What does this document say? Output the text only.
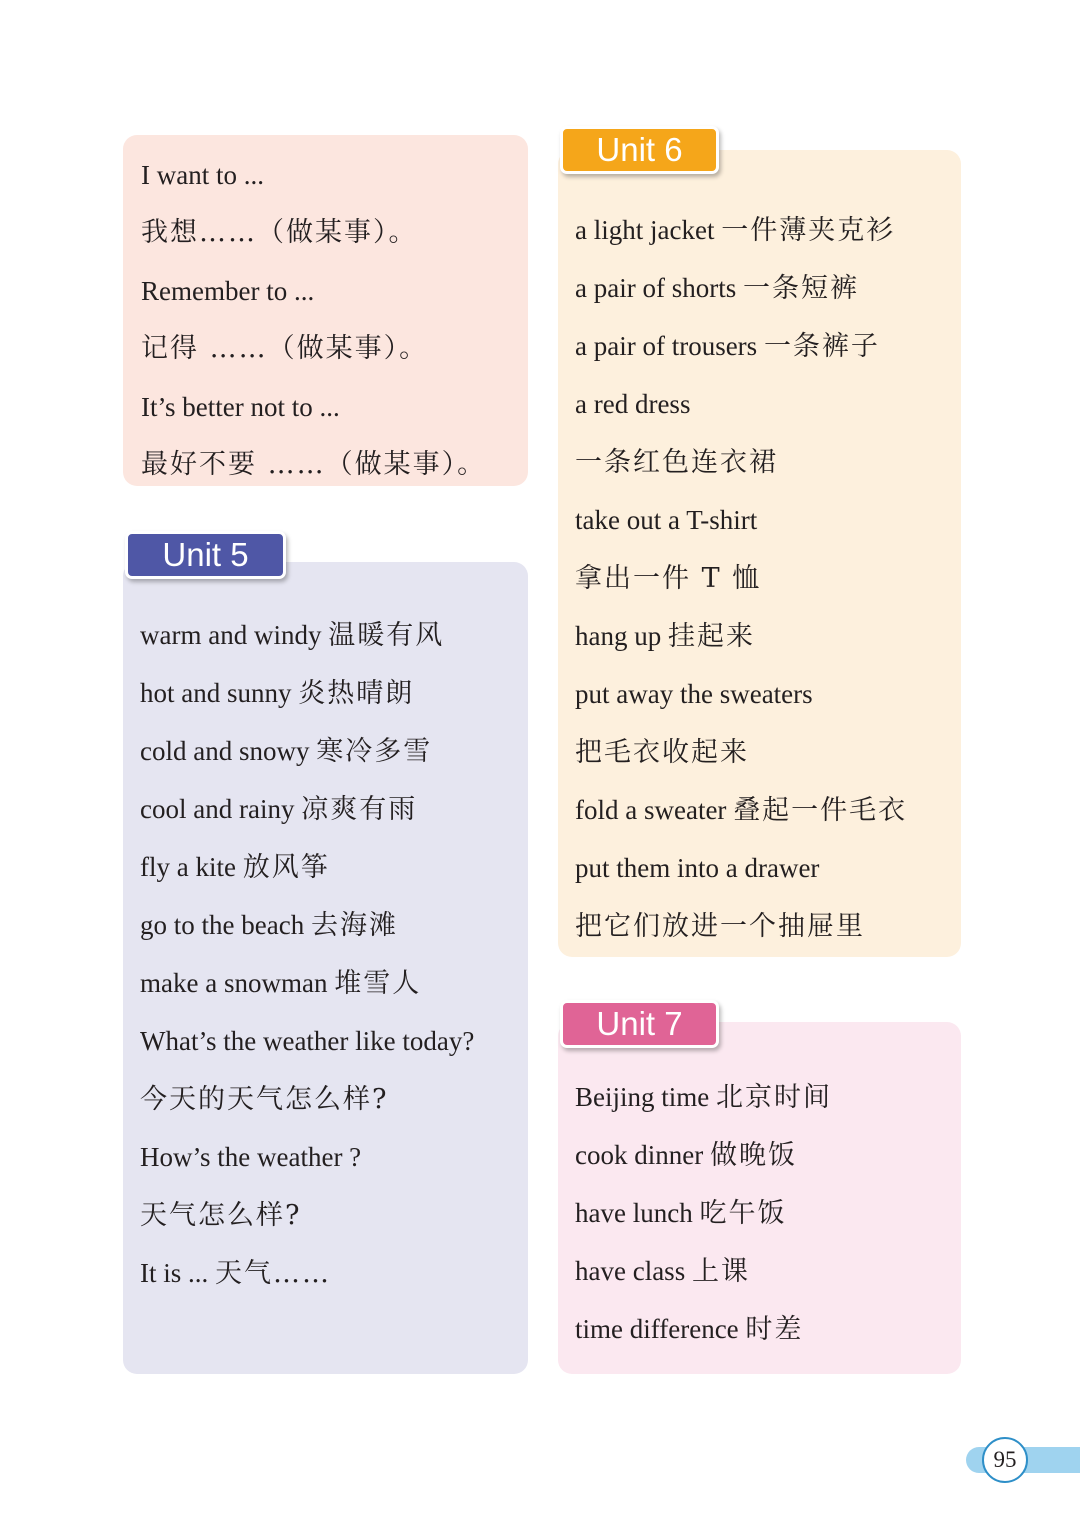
I want to ...
我想……（做某事）。
Remember to ...
记得 ……（做某事）。
It’s better not to ...
最好不要 ……（做某事）。
warm and windy 温暖有风
hot and sunny 炎热晴朗
cold and snowy 寒冷多雪
cool and rainy 凉爽有雨
fly a kite 放风筝
go to the beach 去海滩
make a snowman 堆雪人
What’s the weather like today?
今天的天气怎么样?
How’s the weather ?
天气怎么样?
It is ... 天气……
Unit 5
a light jacket 一件薄夹克衫
a pair of shorts 一条短裤
a pair of trousers 一条裤子
a red dress
一条红色连衣裙
take out a T-shirt
拿出一件 T 恤
hang up 挂起来
put away the sweaters
把毛衣收起来
fold a sweater 叠起一件毛衣
put them into a drawer
把它们放进一个抽屉里
Unit 6
Beijing time 北京时间
cook dinner 做晚饭
have lunch 吃午饭
have class 上课
time difference 时差
Unit 7
95
